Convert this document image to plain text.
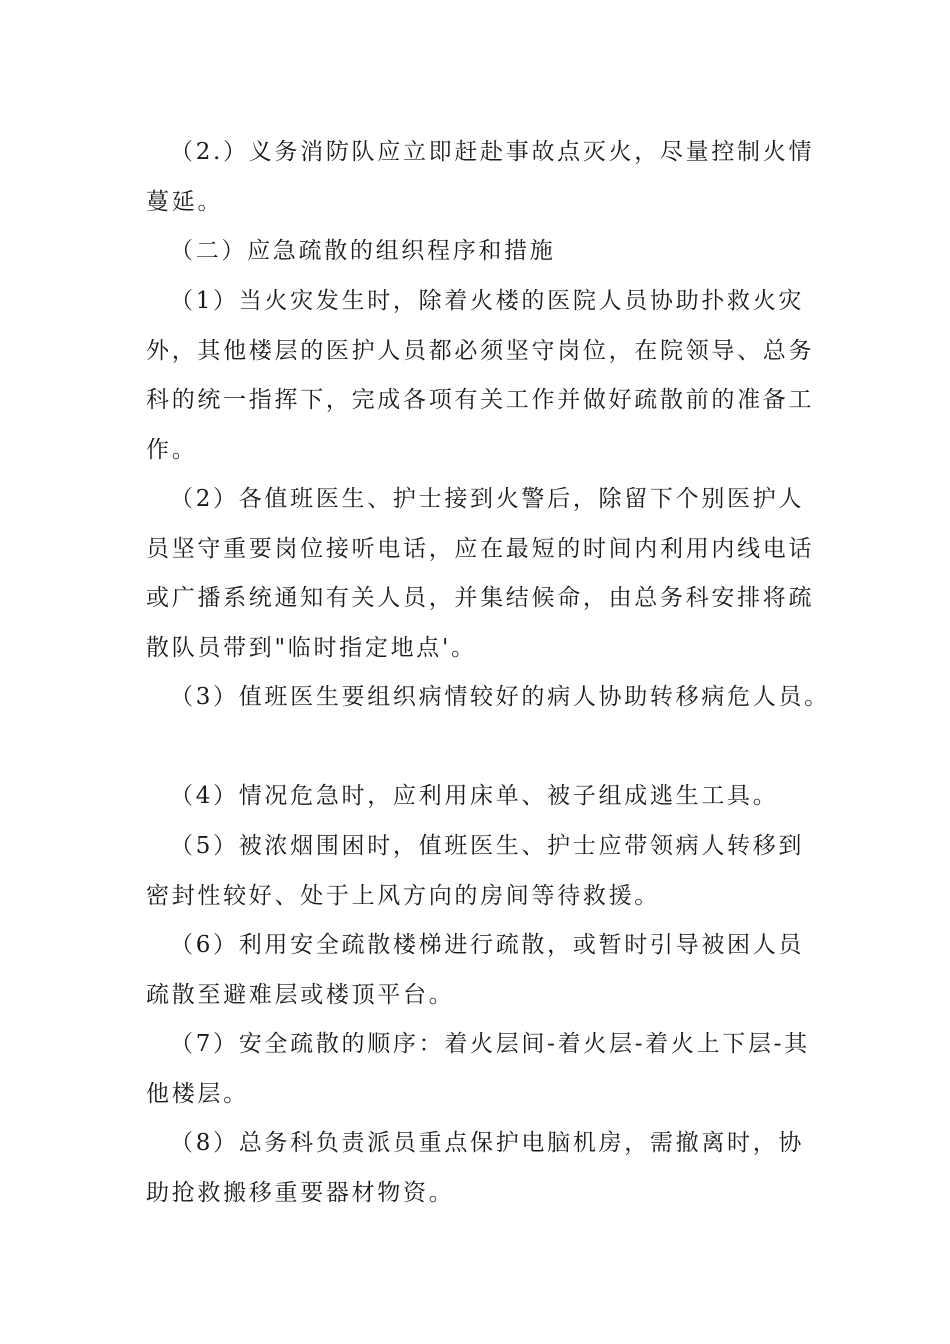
（2.）义务消防队应立即赶赴事故点灭火，尽量控制火情蔓延。

（二）应急疏散的组织程序和措施

（1）当火灾发生时，除着火楼的医院人员协助扑救火灾外，其他楼层的医护人员都必须坚守岗位，在院领导、总务科的统一指挥下，完成各项有关工作并做好疏散前的准备工作。

（2）各值班医生、护士接到火警后，除留下个别医护人员坚守重要岗位接听电话，应在最短的时间内利用内线电话或广播系统通知有关人员，并集结候命，由总务科安排将疏散队员带到"临时指定地点'。

（3）值班医生要组织病情较好的病人协助转移病危人员。

（4）情况危急时，应利用床单、被子组成逃生工具。

（5）被浓烟围困时，值班医生、护士应带领病人转移到密封性较好、处于上风方向的房间等待救援。

（6）利用安全疏散楼梯进行疏散，或暂时引导被困人员疏散至避难层或楼顶平台。

（7）安全疏散的顺序：着火层间-着火层-着火上下层-其他楼层。

（8）总务科负责派员重点保护电脑机房，需撤离时，协助抢救搬移重要器材物资。
